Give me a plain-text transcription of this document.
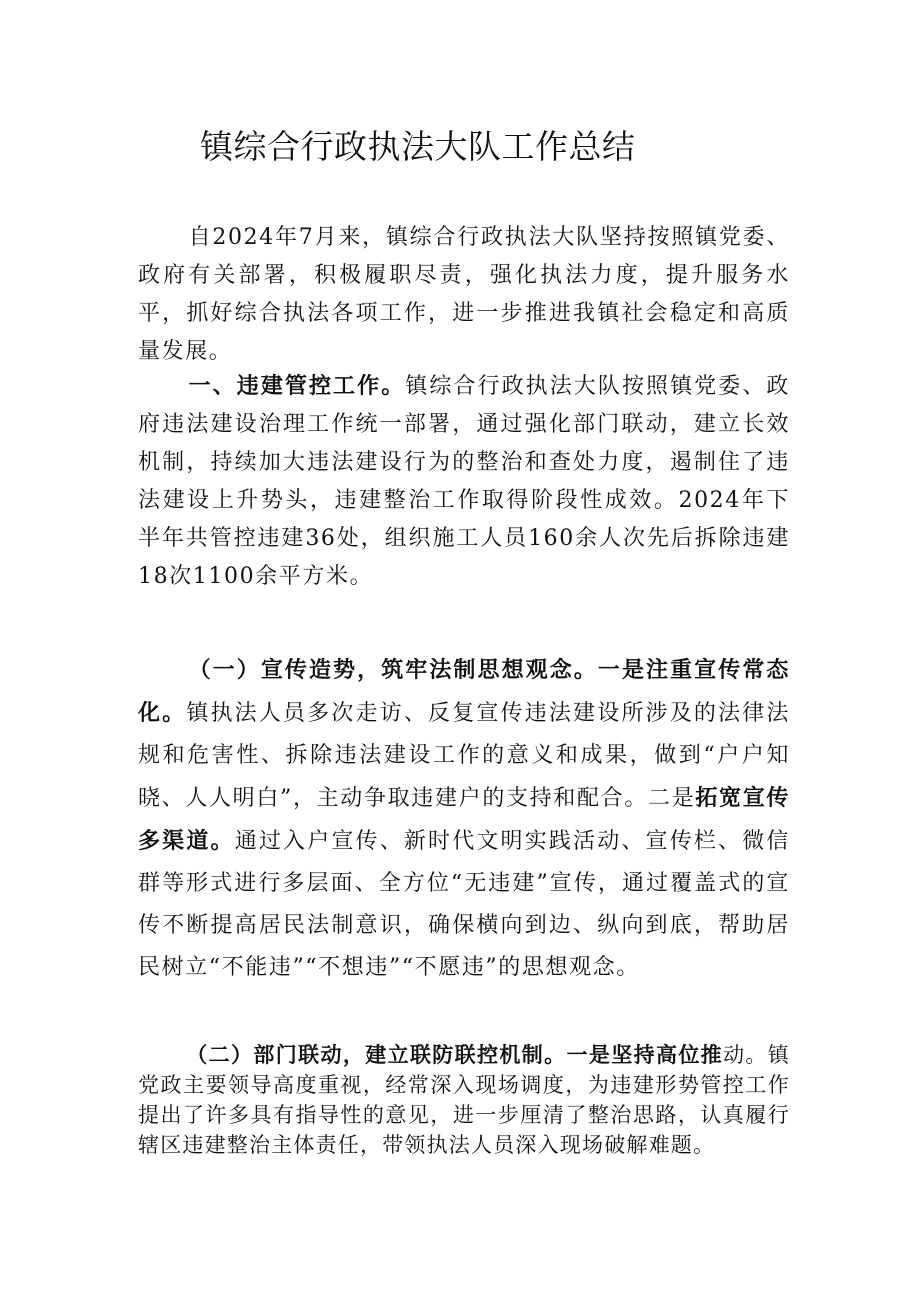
镇综合行政执法大队工作总结

自2024年7月来，镇综合行政执法大队坚持按照镇党委、政府有关部署，积极履职尽责，强化执法力度，提升服务水平，抓好综合执法各项工作，进一步推进我镇社会稳定和高质量发展。

一、违建管控工作。镇综合行政执法大队按照镇党委、政府违法建设治理工作统一部署，通过强化部门联动，建立长效机制，持续加大违法建设行为的整治和查处力度，遏制住了违法建设上升势头，违建整治工作取得阶段性成效。2024年下半年共管控违建36处，组织施工人员160余人次先后拆除违建18次1100余平方米。

（一）宣传造势，筑牢法制思想观念。一是注重宣传常态化。镇执法人员多次走访、反复宣传违法建设所涉及的法律法规和危害性、拆除违法建设工作的意义和成果，做到“户户知晓、人人明白”，主动争取违建户的支持和配合。二是拓宽宣传多渠道。通过入户宣传、新时代文明实践活动、宣传栏、微信群等形式进行多层面、全方位“无违建”宣传，通过覆盖式的宣传不断提高居民法制意识，确保横向到边、纵向到底，帮助居民树立“不能违”“不想违”“不愿违”的思想观念。

（二）部门联动，建立联防联控机制。一是坚持高位推动。镇党政主要领导高度重视，经常深入现场调度，为违建形势管控工作提出了许多具有指导性的意见，进一步厘清了整治思路，认真履行辖区违建整治主体责任，带领执法人员深入现场破解难题。
